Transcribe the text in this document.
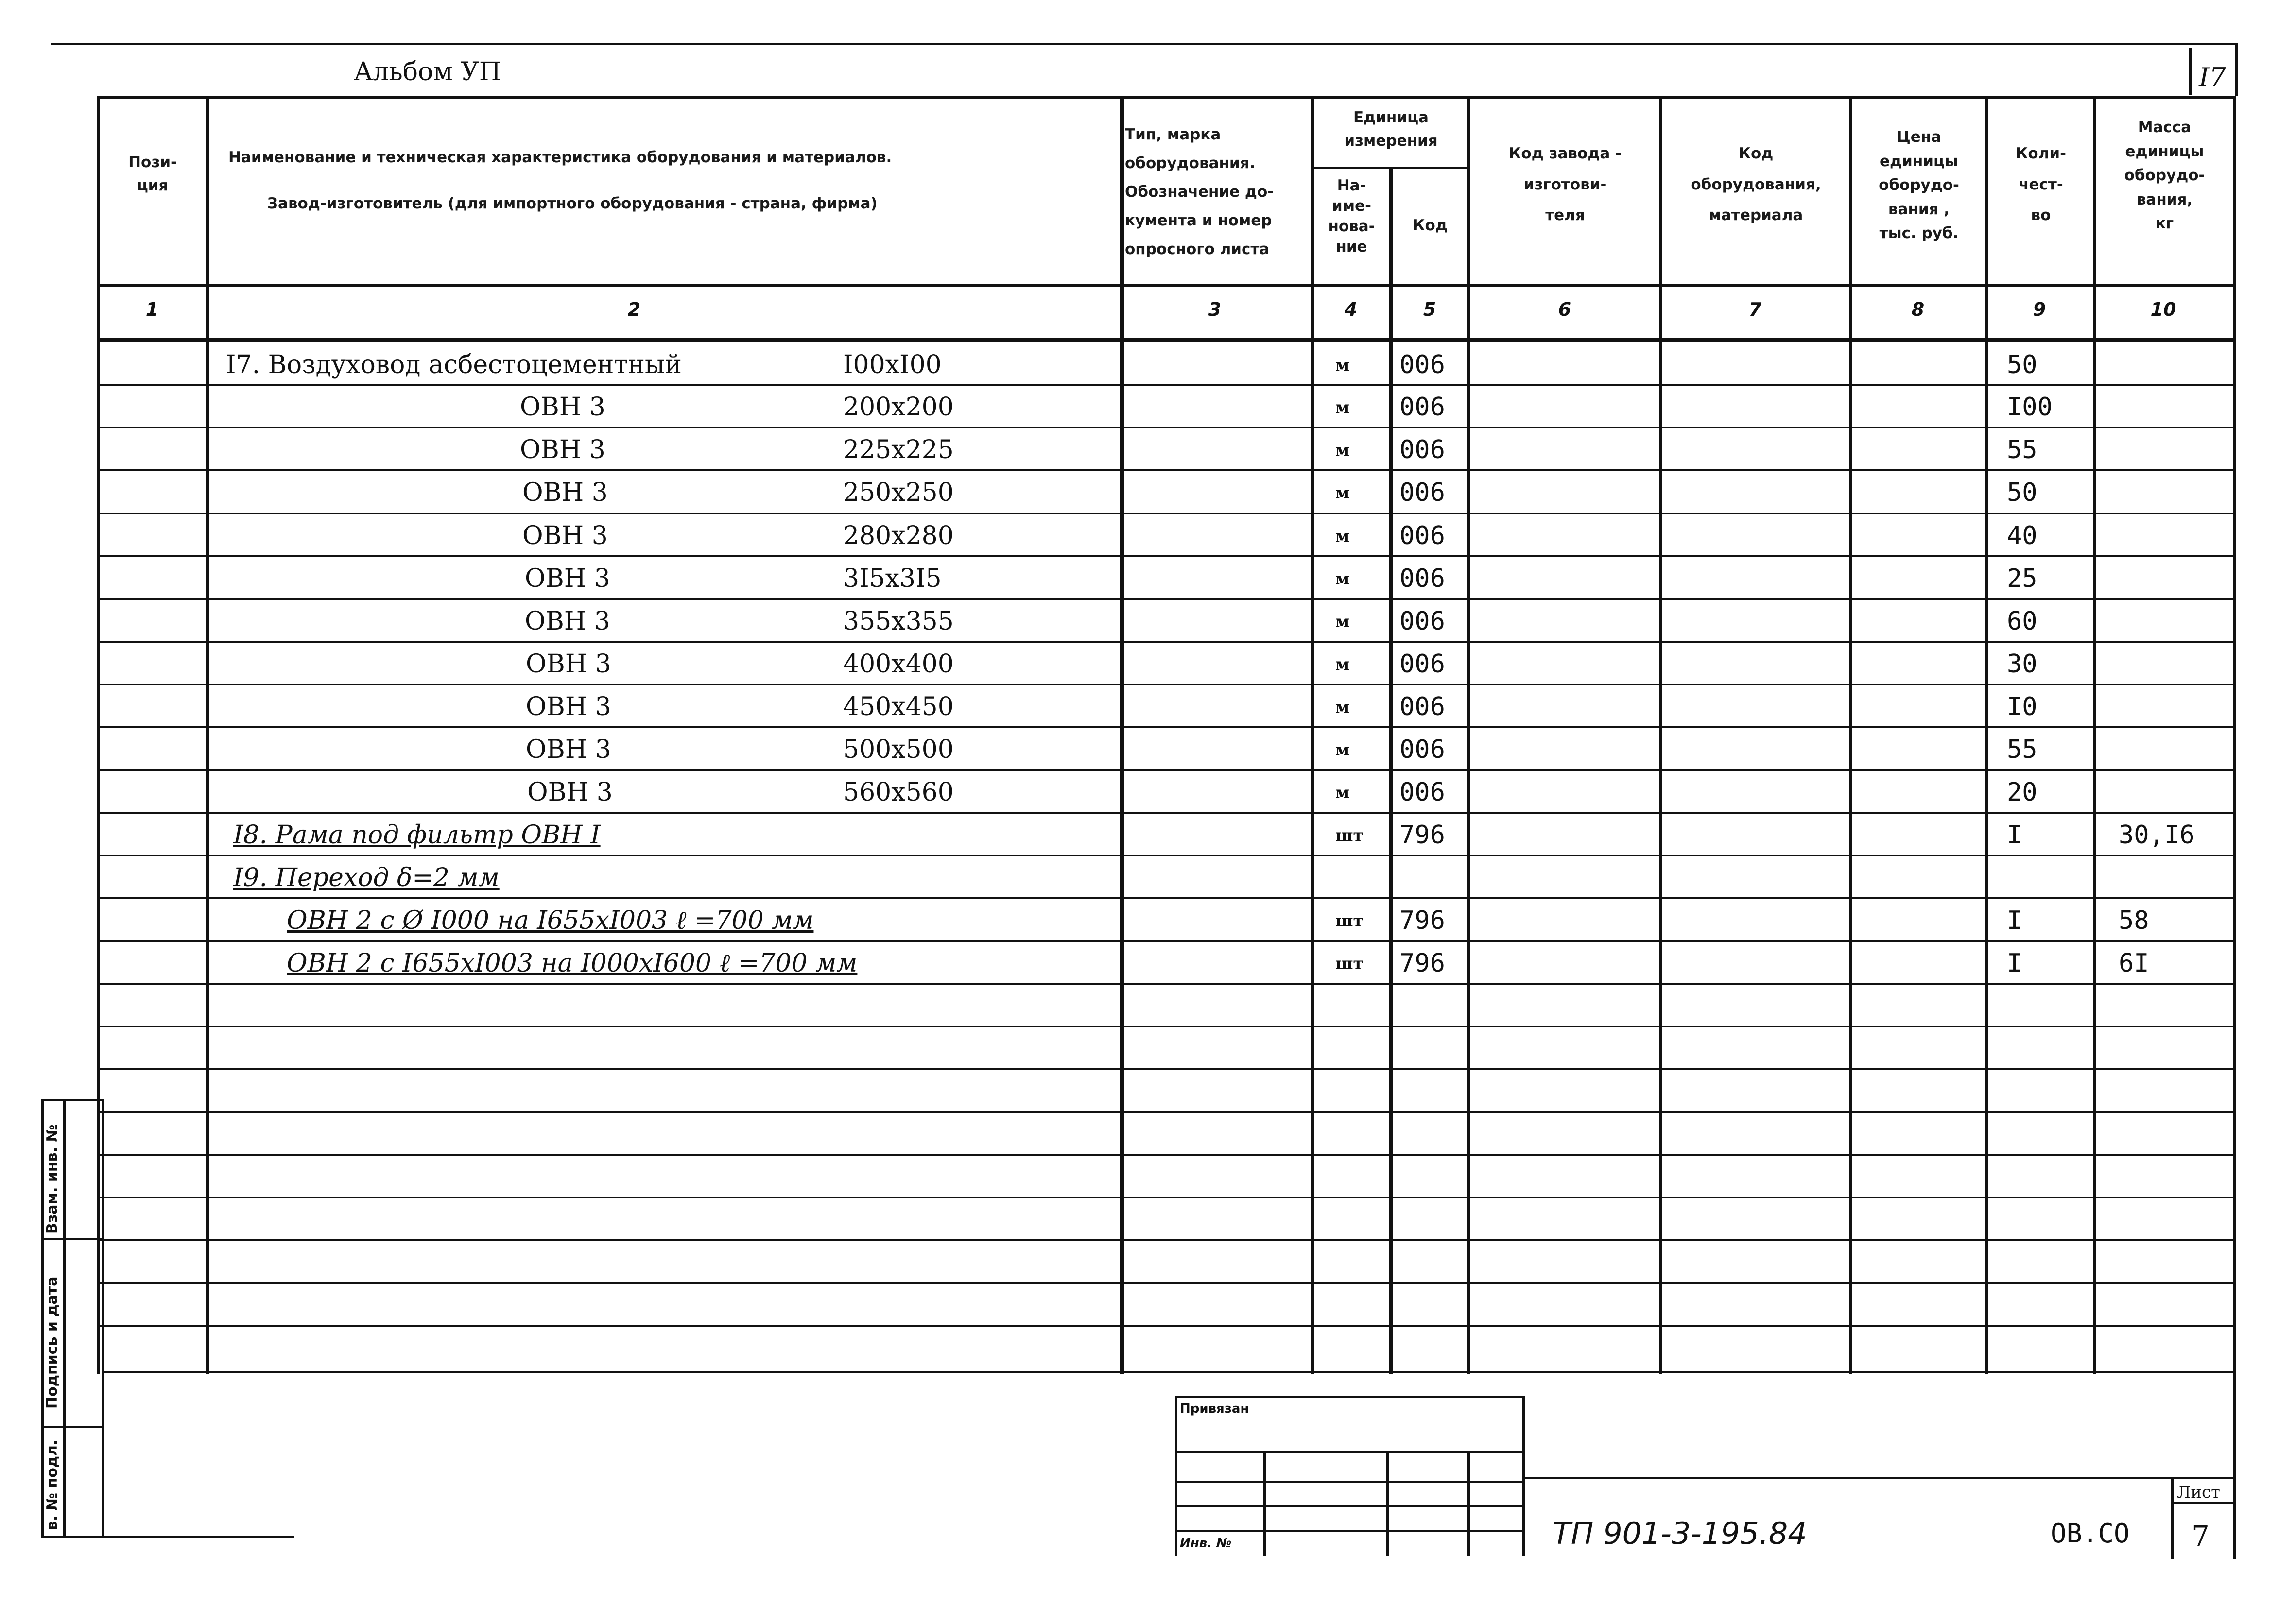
Альбом УП	I7
Пози-
ция
Наименование и техническая характеристика оборудования и материалов.
Завод-изготовитель (для импортного оборудования - страна, фирма)
Тип, марка
оборудования.
Обозначение до-
кумента и номер
опросного листа
Единица
измерения
На-
име-
нова-
ние
Код
Код завода -
изготови-
теля
Код
оборудования,
материала
Цена
единицы
оборудо-
вания ,
тыс. руб.
Коли-
чест-
во
Масса
единицы
оборудо-
вания,
кг
1	2	3	4	5	6	7	8	9	10
I7. Воздуховод асбестоцементный	I00xI00	м 006	50
ОВН 3	200x200	м 006	I00
ОВН 3	225x225	м 006	55
ОВН 3	250x250	м 006	50
ОВН 3	280x280	м 006	40
ОВН 3	3I5x3I5	м 006	25
ОВН 3	355x355	м 006	60
ОВН 3	400x400	м 006	30
ОВН 3	450x450	м 006	I0
ОВН 3	500x500	м 006	55
ОВН 3	560x560	м 006	20
I8. Рама под фильтр ОВН I	шт 796	I	30,I6
I9. Переход δ=2 мм
ОВН 2 с Ø I000 на I655xI003 ℓ =700 мм	шт 796	I	58
ОВН 2 с I655xI003 на I000xI600 ℓ =700 мм	шт 796	I	6I
Взам. инв. №
Подпись и дата
в. № подл.
Привязан
Инв. №	ТП 901-3-195.84	ОВ.СО
Лист
7
